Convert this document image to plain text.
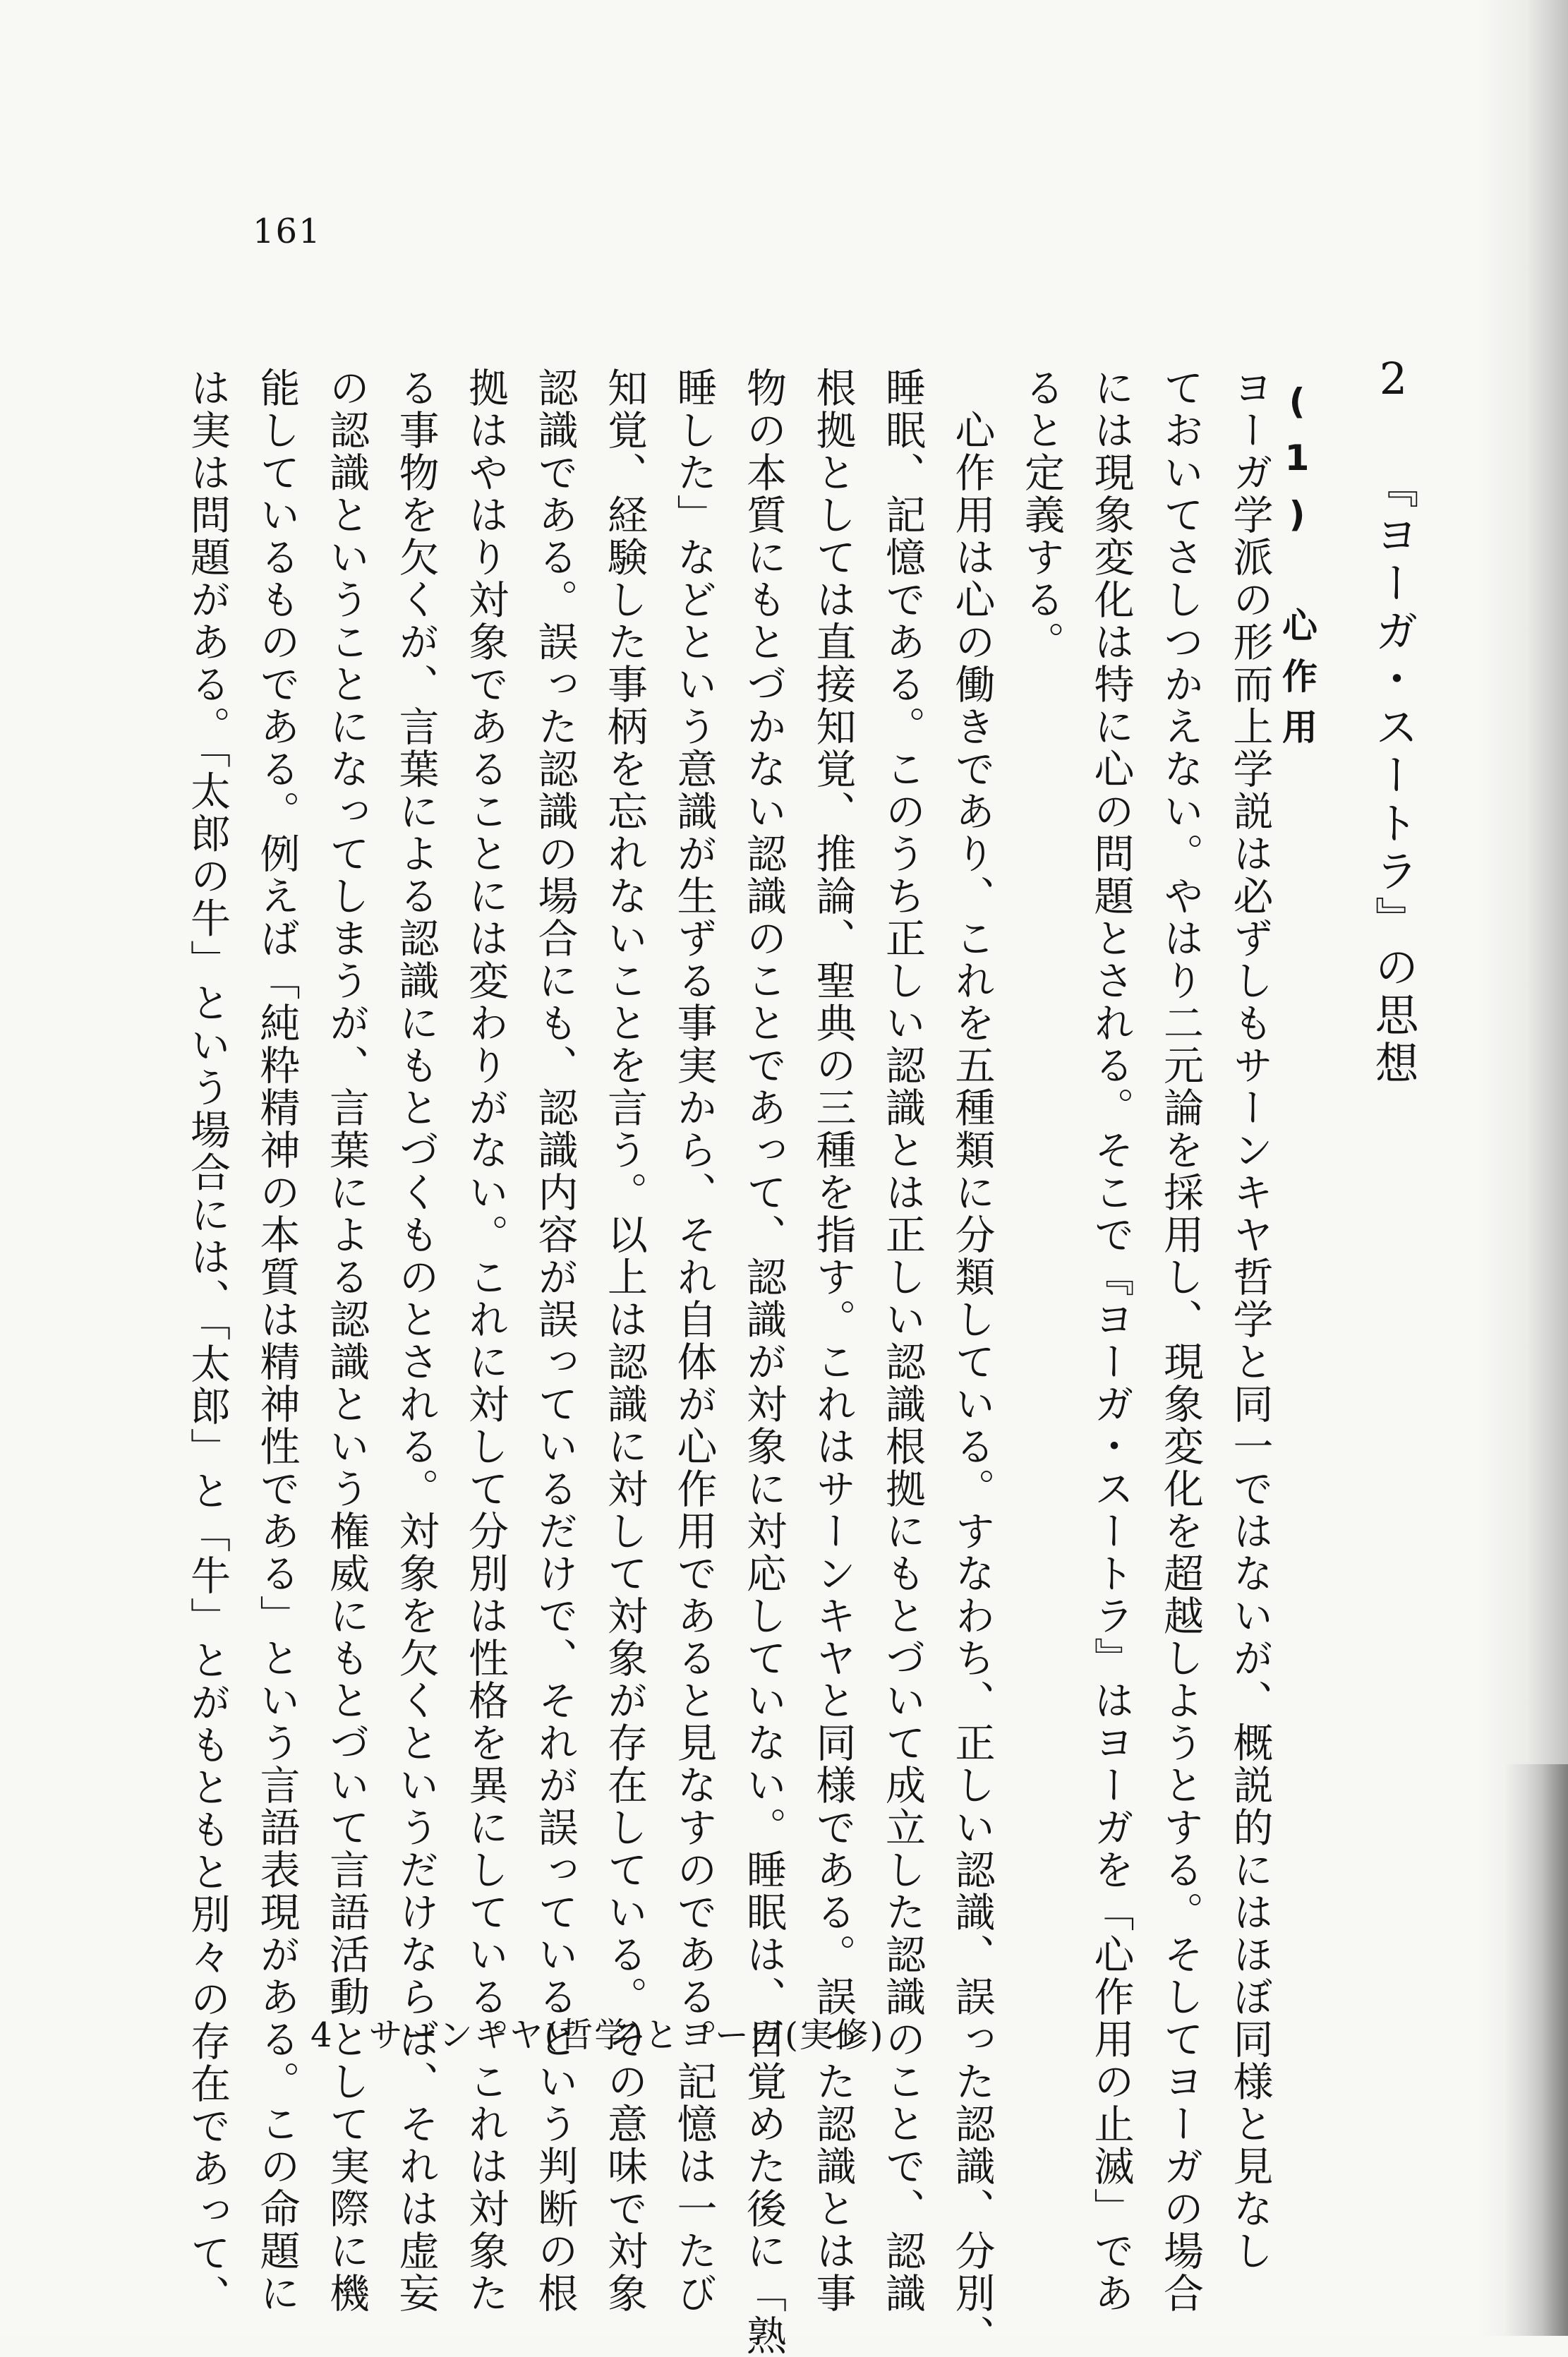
161
2 『ヨーガ・スートラ』の思想
(1) 心作用

ヨーガ学派の形而上学説は必ずしもサーンキヤ哲学と同一ではないが、概説的にはほぼ同様と見なし

ておいてさしつかえない。やはり二元論を採用し、現象変化を超越しようとする。そしてヨーガの場合

には現象変化は特に心の問題とされる。そこで『ヨーガ・スートラ』はヨーガを「心作用の止滅」であ

ると定義する。

　心作用は心の働きであり、これを五種類に分類している。すなわち、正しい認識、誤った認識、分別、

睡眠、記憶である。このうち正しい認識とは正しい認識根拠にもとづいて成立した認識のことで、認識

根拠としては直接知覚、推論、聖典の三種を指す。これはサーンキヤと同様である。誤った認識とは事

物の本質にもとづかない認識のことであって、認識が対象に対応していない。睡眠は、目覚めた後に「熟

睡した」などという意識が生ずる事実から、それ自体が心作用であると見なすのである。記憶は一たび

知覚、経験した事柄を忘れないことを言う。以上は認識に対して対象が存在している。その意味で対象

認識である。誤った認識の場合にも、認識内容が誤っているだけで、それが誤っているという判断の根

拠はやはり対象であることには変わりがない。これに対して分別は性格を異にしている。これは対象た

る事物を欠くが、言葉による認識にもとづくものとされる。対象を欠くというだけならば、それは虚妄

の認識ということになってしまうが、言葉による認識という権威にもとづいて言語活動として実際に機

能しているものである。例えば「純粋精神の本質は精神性である」という言語表現がある。この命題に

は実は問題がある。「太郎の牛」という場合には、「太郎」と「牛」とがもともと別々の存在であって、	4　サーンキヤ(哲学)とヨーガ(実修)
